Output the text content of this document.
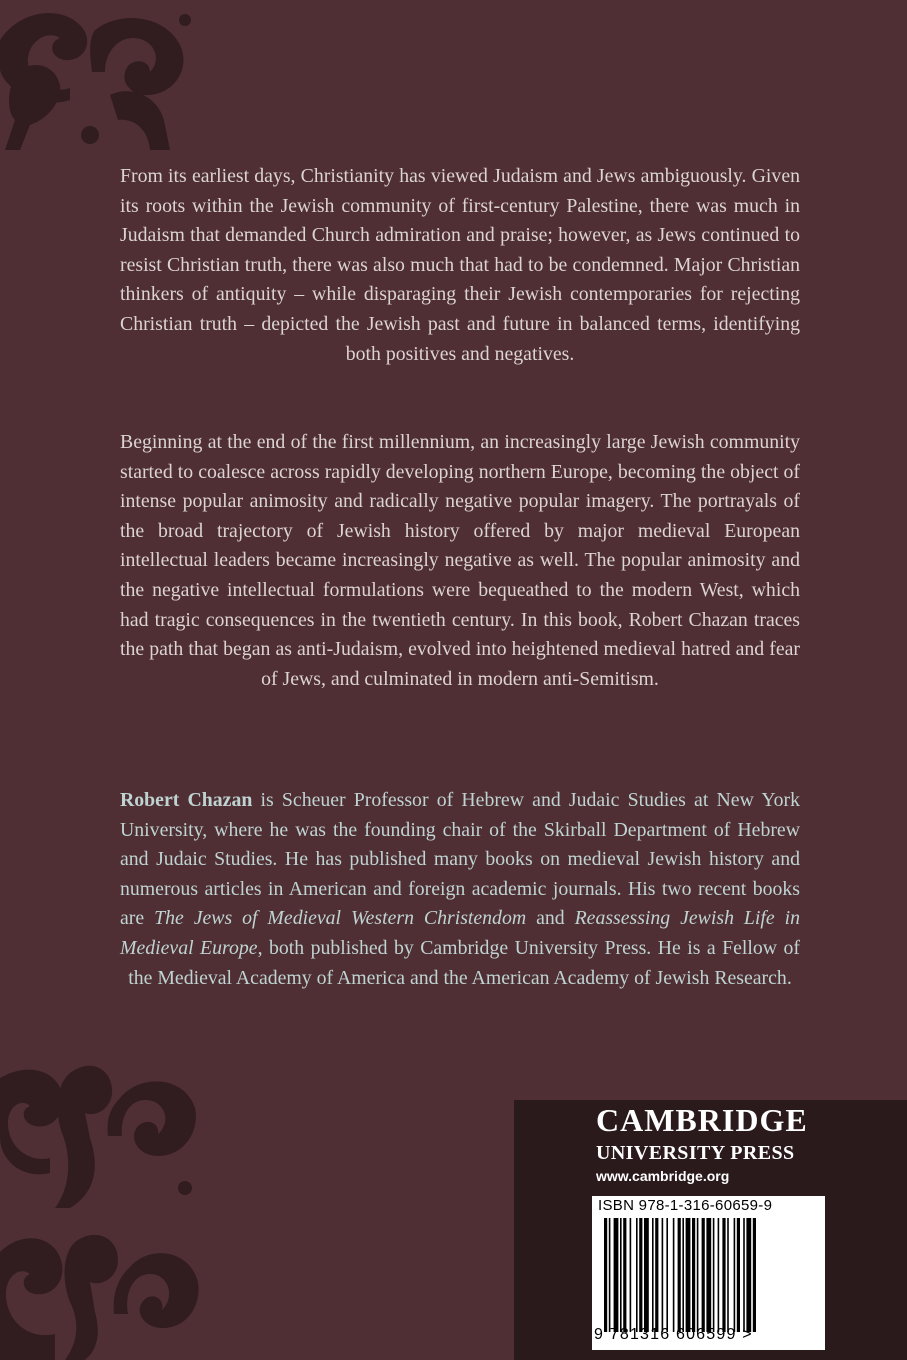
From its earliest days, Christianity has viewed Judaism and Jews ambiguously. Given its roots within the Jewish community of first-century Palestine, there was much in Judaism that demanded Church admiration and praise; however, as Jews continued to resist Christian truth, there was also much that had to be condemned. Major Christian thinkers of antiquity – while disparaging their Jewish contemporaries for rejecting Christian truth – depicted the Jewish past and future in balanced terms, identifying both positives and negatives.
Beginning at the end of the first millennium, an increasingly large Jewish community started to coalesce across rapidly developing northern Europe, becoming the object of intense popular animosity and radically negative popular imagery. The portrayals of the broad trajectory of Jewish history offered by major medieval European intellectual leaders became increasingly negative as well. The popular animosity and the negative intellectual formulations were bequeathed to the modern West, which had tragic consequences in the twentieth century. In this book, Robert Chazan traces the path that began as anti-Judaism, evolved into heightened medieval hatred and fear of Jews, and culminated in modern anti-Semitism.
Robert Chazan is Scheuer Professor of Hebrew and Judaic Studies at New York University, where he was the founding chair of the Skirball Department of Hebrew and Judaic Studies. He has published many books on medieval Jewish history and numerous articles in American and foreign academic journals. His two recent books are The Jews of Medieval Western Christendom and Reassessing Jewish Life in Medieval Europe, both published by Cambridge University Press. He is a Fellow of the Medieval Academy of America and the American Academy of Jewish Research.
CAMBRIDGE
UNIVERSITY PRESS
www.cambridge.org
ISBN 978-1-316-60659-9
9 781316 606599 >
